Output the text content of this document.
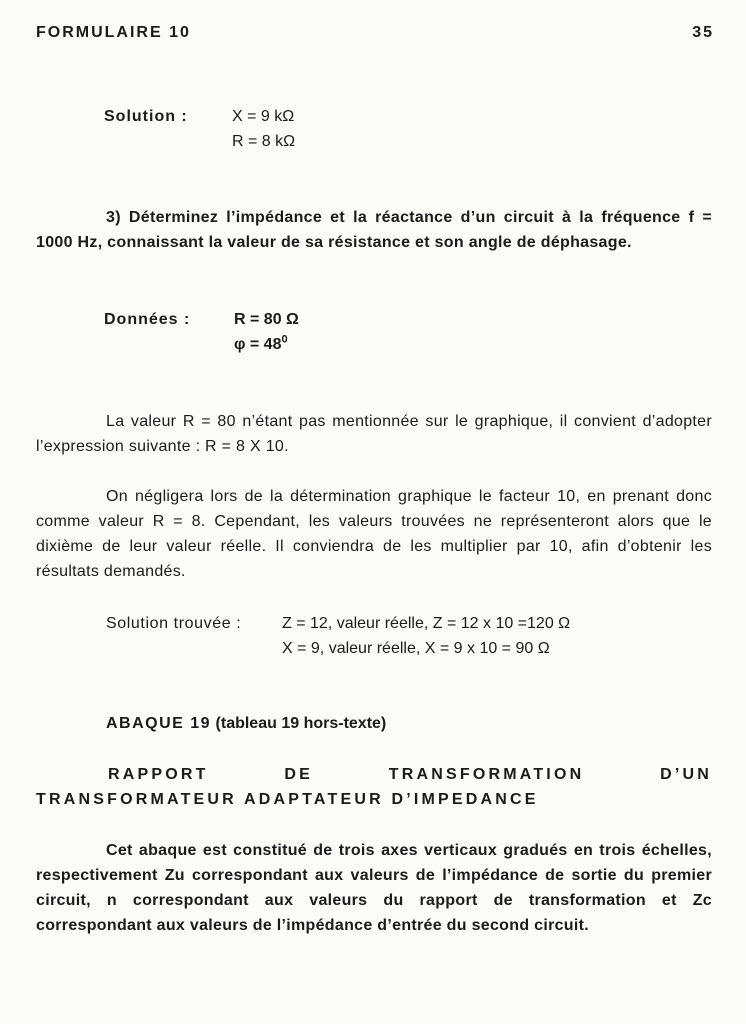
FORMULAIRE 10	35
Solution :	X = 9 kΩ
R = 8 kΩ
3) Déterminez l’impédance et la réactance d’un circuit à la fréquence f = 1000 Hz, connaissant la valeur de sa résistance et son angle de déphasage.
Données :	R = 80 Ω
$\varphi = 48^0$
La valeur R = 80 n’étant pas mentionnée sur le graphique, il convient d’adopter l’expression suivante : R = 8 X 10.
On négligera lors de la détermination graphique le facteur 10, en prenant donc comme valeur R = 8. Cependant, les valeurs trouvées ne représenteront alors que le dixième de leur valeur réelle. Il conviendra de les multiplier par 10, afin d’obtenir les résultats demandés.
Solution trouvée :	Z = 12, valeur réelle, Z = 12 x 10 =120 Ω
X = 9, valeur réelle, X = 9 x 10 = 90 Ω
ABAQUE 19 (tableau 19 hors-texte)
RAPPORT DE TRANSFORMATION D’UN TRANSFORMATEUR ADAPTATEUR D’IMPEDANCE
Cet abaque est constitué de trois axes verticaux gradués en trois échelles, respectivement Zu correspondant aux valeurs de l’impédance de sortie du premier circuit, n correspondant aux valeurs du rapport de transformation et Zc correspondant aux valeurs de l’impédance d’entrée du second circuit.
